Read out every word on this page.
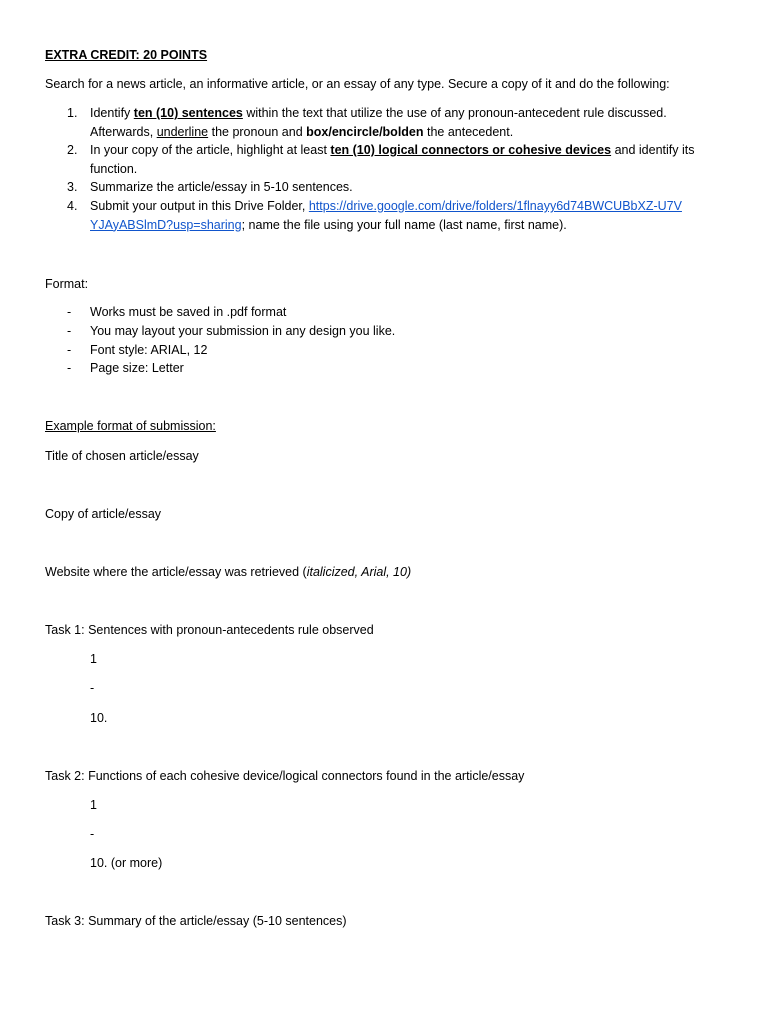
EXTRA CREDIT: 20 POINTS
Search for a news article, an informative article, or an essay of any type. Secure a copy of it and do the following:
1. Identify ten (10) sentences within the text that utilize the use of any pronoun-antecedent rule discussed. Afterwards, underline the pronoun and box/encircle/bolden the antecedent.
2. In your copy of the article, highlight at least ten (10) logical connectors or cohesive devices and identify its function.
3. Summarize the article/essay in 5-10 sentences.
4. Submit your output in this Drive Folder, https://drive.google.com/drive/folders/1flnayy6d74BWCUBbXZ-U7VYJAyABSlmD?usp=sharing; name the file using your full name (last name, first name).
Format:
- Works must be saved in .pdf format
- You may layout your submission in any design you like.
- Font style: ARIAL, 12
- Page size: Letter
Example format of submission:
Title of chosen article/essay
Copy of article/essay
Website where the article/essay was retrieved (italicized, Arial, 10)
Task 1: Sentences with pronoun-antecedents rule observed
1
-
10.
Task 2: Functions of each cohesive device/logical connectors found in the article/essay
1
-
10. (or more)
Task 3: Summary of the article/essay (5-10 sentences)
